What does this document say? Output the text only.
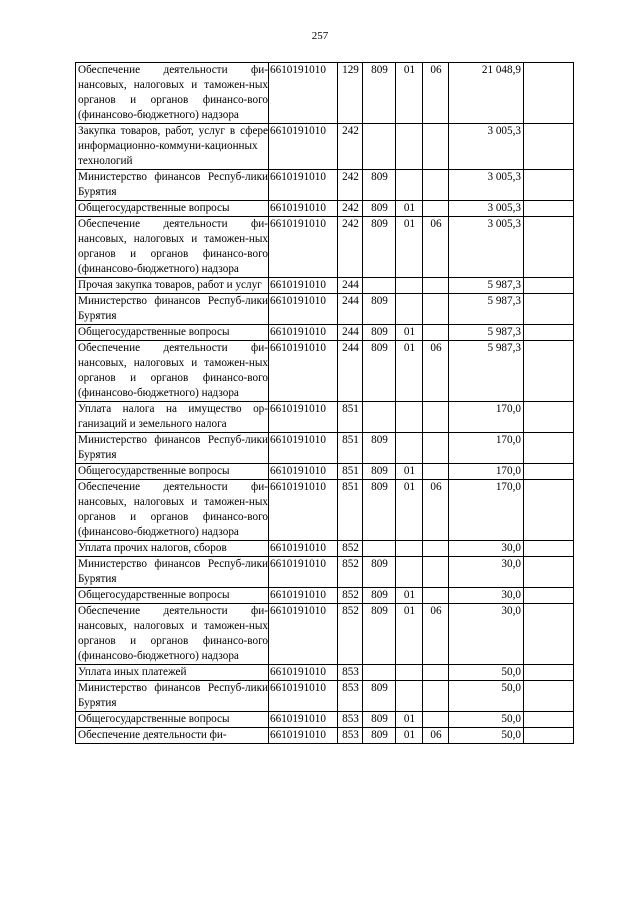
257
Обеспечение деятельности фи-нансовых, налоговых и таможен-ных органов и органов финансо-вого (финансово-бюджетного) надзора	6610191010	129	809	01	06	21 048,9	
Закупка товаров, работ, услуг в сфере информационно-коммуни-кационных технологий	6610191010	242				3 005,3	
Министерство финансов Респуб-лики Бурятия	6610191010	242	809			3 005,3	
Общегосударственные вопросы	6610191010	242	809	01		3 005,3	
Обеспечение деятельности фи-нансовых, налоговых и таможен-ных органов и органов финансо-вого (финансово-бюджетного) надзора	6610191010	242	809	01	06	3 005,3	
Прочая закупка товаров, работ и услуг	6610191010	244				5 987,3	
Министерство финансов Респуб-лики Бурятия	6610191010	244	809			5 987,3	
Общегосударственные вопросы	6610191010	244	809	01		5 987,3	
Обеспечение деятельности фи-нансовых, налоговых и таможен-ных органов и органов финансо-вого (финансово-бюджетного) надзора	6610191010	244	809	01	06	5 987,3	
Уплата налога на имущество ор-ганизаций и земельного налога	6610191010	851				170,0	
Министерство финансов Респуб-лики Бурятия	6610191010	851	809			170,0	
Общегосударственные вопросы	6610191010	851	809	01		170,0	
Обеспечение деятельности фи-нансовых, налоговых и таможен-ных органов и органов финансо-вого (финансово-бюджетного) надзора	6610191010	851	809	01	06	170,0	
Уплата прочих налогов, сборов	6610191010	852				30,0	
Министерство финансов Респуб-лики Бурятия	6610191010	852	809			30,0	
Общегосударственные вопросы	6610191010	852	809	01		30,0	
Обеспечение деятельности фи-нансовых, налоговых и таможен-ных органов и органов финансо-вого (финансово-бюджетного) надзора	6610191010	852	809	01	06	30,0	
Уплата иных платежей	6610191010	853				50,0	
Министерство финансов Респуб-лики Бурятия	6610191010	853	809			50,0	
Общегосударственные вопросы	6610191010	853	809	01		50,0	
Обеспечение деятельности фи-	6610191010	853	809	01	06	50,0	
